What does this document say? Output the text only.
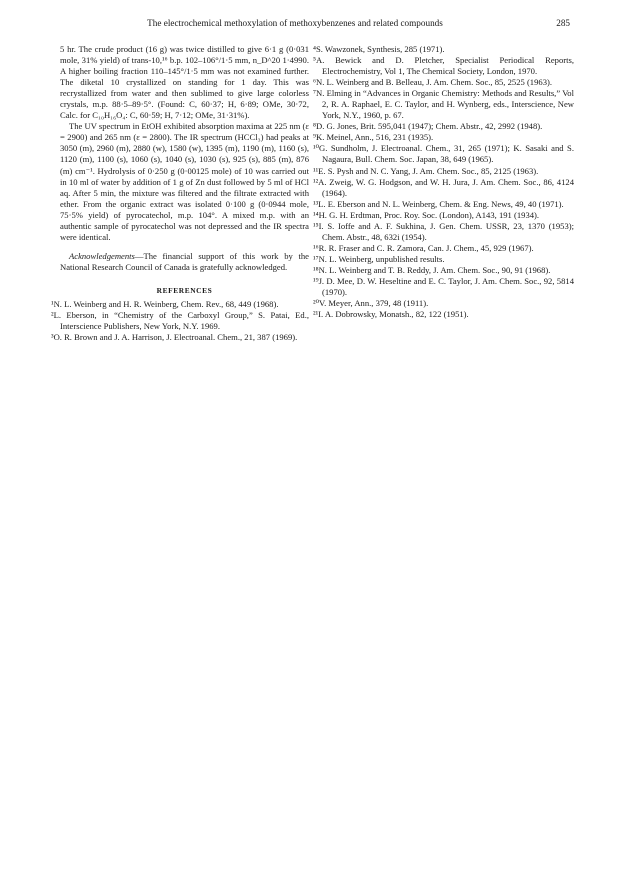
The electrochemical methoxylation of methoxybenzenes and related compounds	285

5 hr. The crude product (16 g) was twice distilled to give 6·1 g (0·031 mole, 31% yield) of trans-10,¹⁶ b.p. 102–106°/1·5 mm, n_D^20 1·4990. A higher boiling fraction 110–145°/1·5 mm was not examined further. The diketal 10 crystallized on standing for 1 day. This was recrystallized from water and then sublimed to give large colorless crystals, m.p. 88·5–89·5°. (Found: C, 60·37; H, 6·89; OMe, 30·72, Calc. for C₁₀H₁₆O₄: C, 60·59; H, 7·12; OMe, 31·31%).

The UV spectrum in EtOH exhibited absorption maxima at 225 nm (ε = 2900) and 265 nm (ε = 2800). The IR spectrum (HCCl₃) had peaks at 3050 (m), 2960 (m), 2880 (w), 1580 (w), 1395 (m), 1190 (m), 1160 (s), 1120 (m), 1100 (s), 1060 (s), 1040 (s), 1030 (s), 925 (s), 885 (m), 876 (m) cm⁻¹. Hydrolysis of 0·250 g (0·00125 mole) of 10 was carried out in 10 ml of water by addition of 1 g of Zn dust followed by 5 ml of HCl aq. After 5 min, the mixture was filtered and the filtrate extracted with ether. From the organic extract was isolated 0·100 g (0·0944 mole, 75·5% yield) of pyrocatechol, m.p. 104°. A mixed m.p. with an authentic sample of pyrocatechol was not depressed and the IR spectra were identical.

Acknowledgements—The financial support of this work by the National Research Council of Canada is gratefully acknowledged.

REFERENCES

¹N. L. Weinberg and H. R. Weinberg, Chem. Rev., 68, 449 (1968).

²L. Eberson, in “Chemistry of the Carboxyl Group,” S. Patai, Ed., Interscience Publishers, New York, N.Y. 1969.

³O. R. Brown and J. A. Harrison, J. Electroanal. Chem., 21, 387 (1969).

⁴S. Wawzonek, Synthesis, 285 (1971).

⁵A. Bewick and D. Pletcher, Specialist Periodical Reports, Electrochemistry, Vol 1, The Chemical Society, London, 1970.

⁶N. L. Weinberg and B. Belleau, J. Am. Chem. Soc., 85, 2525 (1963).

⁷N. Elming in “Advances in Organic Chemistry: Methods and Results,” Vol 2, R. A. Raphael, E. C. Taylor, and H. Wynberg, eds., Interscience, New York, N.Y., 1960, p. 67.

⁸D. G. Jones, Brit. 595,041 (1947); Chem. Abstr., 42, 2992 (1948).

⁹K. Meinel, Ann., 516, 231 (1935).

¹⁰G. Sundholm, J. Electroanal. Chem., 31, 265 (1971); K. Sasaki and S. Nagaura, Bull. Chem. Soc. Japan, 38, 649 (1965).

¹¹E. S. Pysh and N. C. Yang, J. Am. Chem. Soc., 85, 2125 (1963).

¹²A. Zweig, W. G. Hodgson, and W. H. Jura, J. Am. Chem. Soc., 86, 4124 (1964).

¹³L. E. Eberson and N. L. Weinberg, Chem. & Eng. News, 49, 40 (1971).

¹⁴H. G. H. Erdtman, Proc. Roy. Soc. (London), A143, 191 (1934).

¹⁵I. S. Ioffe and A. F. Sukhina, J. Gen. Chem. USSR, 23, 1370 (1953); Chem. Abstr., 48, 632i (1954).

¹⁶R. R. Fraser and C. R. Zamora, Can. J. Chem., 45, 929 (1967).

¹⁷N. L. Weinberg, unpublished results.

¹⁸N. L. Weinberg and T. B. Reddy, J. Am. Chem. Soc., 90, 91 (1968).

¹⁹J. D. Mee, D. W. Heseltine and E. C. Taylor, J. Am. Chem. Soc., 92, 5814 (1970).

²⁰V. Meyer, Ann., 379, 48 (1911).

²¹I. A. Dobrowsky, Monatsh., 82, 122 (1951).
